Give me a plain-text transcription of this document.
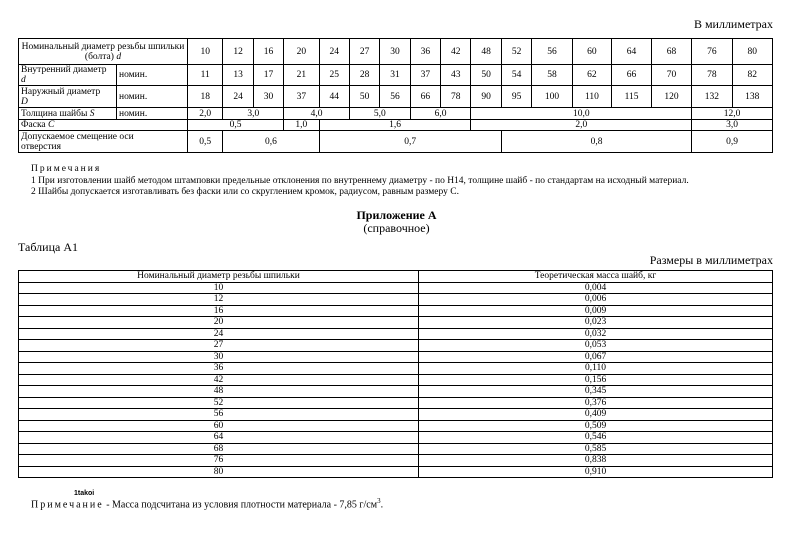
В миллиметрах
Номинальный диаметр резьбы шпильки (болта) d		10	12	16	20	24	27	30	36	42	48	52	56	60	64	68	76	80
Внутренний диаметр
d	номин.	11	13	17	21	25	28	31	37	43	50	54	58	62	66	70	78	82
Наружный диаметр
D	номин.	18	24	30	37	44	50	56	66	78	90	95	100	110	115	120	132	138
Толщина шайбы S	номин.	2,0	3,0		4,0		5,0		6,0		10,0						12,0	
Фаска C		0,5			1,0	1,6					2,0						3,0	
Допускаемое смещение оси
отверстия		0,5	0,6			0,7						0,8					0,9	
Примечания
1 При изготовлении шайб методом штамповки предельные отклонения по внутреннему диаметру - по Н14, толщине шайб - по стандартам на исходный материал.
2 Шайбы допускается изготавливать без фаски или со скруглением кромок, радиусом, равным размеру С.
Приложение А
(справочное)
Таблица А1
Размеры в миллиметрах
Номинальный диаметр резьбы шпильки	Теоретическая масса шайб, кг
10	0,004
12	0,006
16	0,009
20	0,023
24	0,032
27	0,053
30	0,067
36	0,110
42	0,156
48	0,345
52	0,376
56	0,409
60	0,509
64	0,546
68	0,585
76	0,838
80	0,910
1takoi
Примечание - Масса подсчитана из условия плотности материала - 7,85 $г/см^3$.
